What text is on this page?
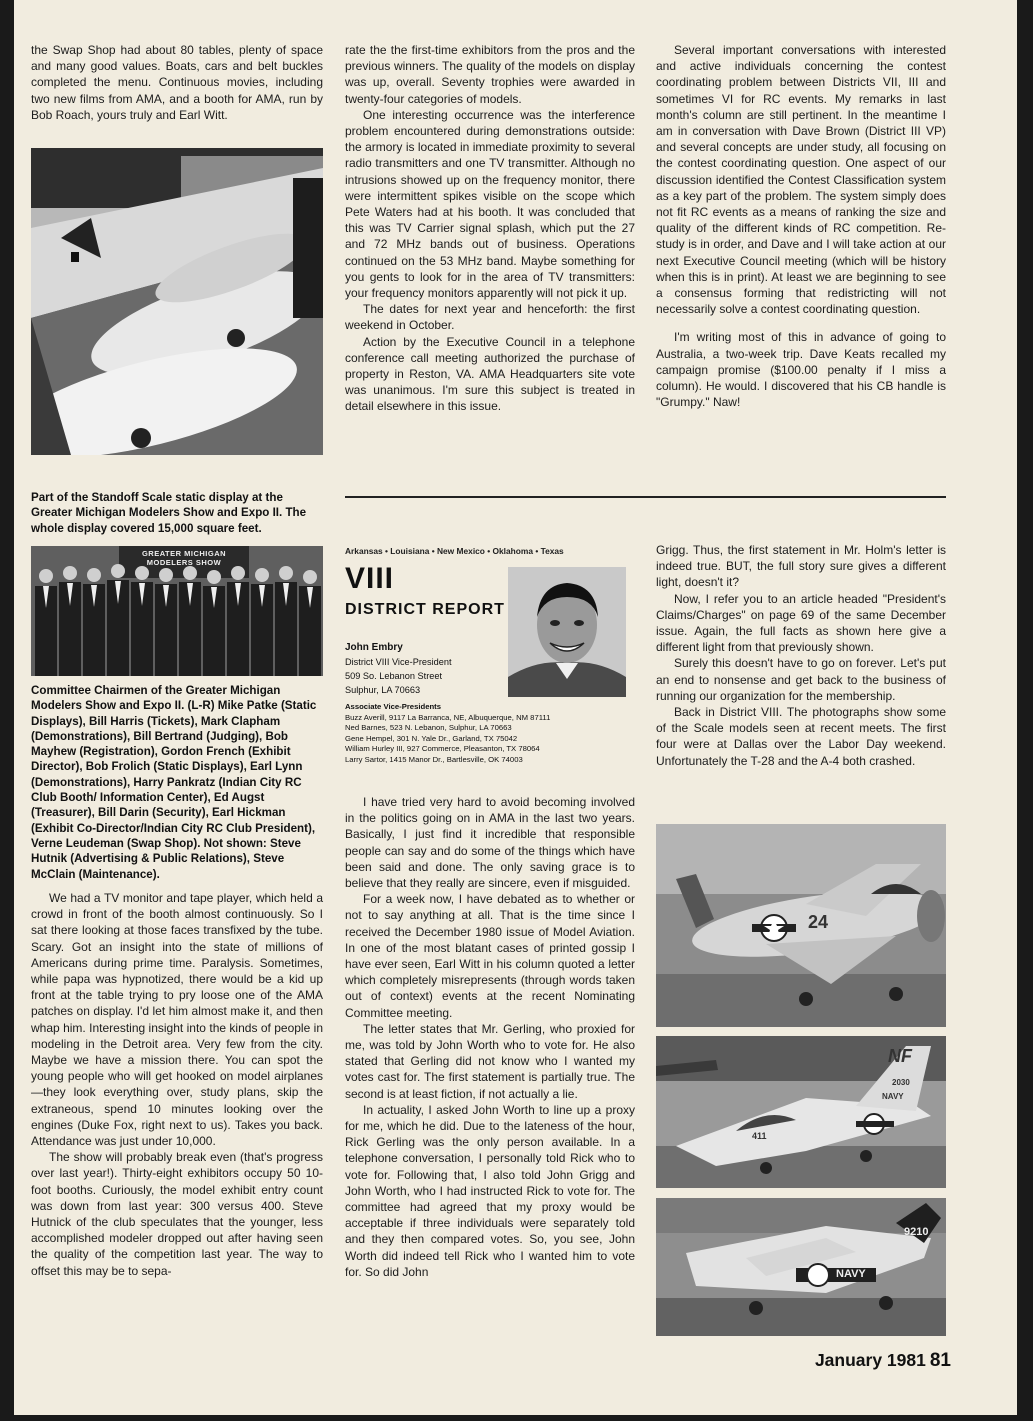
the Swap Shop had about 80 tables, plenty of space and many good values. Boats, cars and belt buckles completed the menu. Continuous movies, including two new films from AMA, and a booth for AMA, run by Bob Roach, yours truly and Earl Witt.

Part of the Standoff Scale static display at the Greater Michigan Modelers Show and Expo II. The whole display covered 15,000 square feet.
GREATER MICHIGAN MODELERS SHOW
Committee Chairmen of the Greater Michigan Modelers Show and Expo II. (L-R) Mike Patke (Static Displays), Bill Harris (Tickets), Mark Clapham (Demonstrations), Bill Bertrand (Judging), Bob Mayhew (Registration), Gordon French (Exhibit Director), Bob Frolich (Static Displays), Earl Lynn (Demonstrations), Harry Pankratz (Indian City RC Club Booth/ Information Center), Ed Augst (Treasurer), Bill Darin (Security), Earl Hickman (Exhibit Co-Director/Indian City RC Club President), Verne Leudeman (Swap Shop). Not shown: Steve Hutnik (Advertising & Public Relations), Steve McClain (Maintenance).

We had a TV monitor and tape player, which held a crowd in front of the booth almost continuously. So I sat there looking at those faces transfixed by the tube. Scary. Got an insight into the state of millions of Americans during prime time. Paralysis. Sometimes, while papa was hypnotized, there would be a kid up front at the table trying to pry loose one of the AMA patches on display. I'd let him almost make it, and then whap him. Interesting insight into the kinds of people in modeling in the Detroit area. Very few from the city. Maybe we have a mission there. You can spot the young people who will get hooked on model airplanes—they look everything over, study plans, skip the extraneous, spend 10 minutes looking over the engines (Duke Fox, right next to us). Takes you back. Attendance was just under 10,000.

The show will probably break even (that's progress over last year!). Thirty-eight exhibitors occupy 50 10-foot booths. Curiously, the model exhibit entry count was down from last year: 300 versus 400. Steve Hutnick of the club speculates that the younger, less accomplished modeler dropped out after having seen the quality of the competition last year. The way to offset this may be to sepa-

rate the the first-time exhibitors from the pros and the previous winners. The quality of the models on display was up, overall. Seventy trophies were awarded in twenty-four categories of models.

One interesting occurrence was the interference problem encountered during demonstrations outside: the armory is located in immediate proximity to several radio transmitters and one TV transmitter. Although no intrusions showed up on the frequency monitor, there were intermittent spikes visible on the scope which Pete Waters had at his booth. It was concluded that this was TV Carrier signal splash, which put the 27 and 72 MHz bands out of business. Operations continued on the 53 MHz band. Maybe something for you gents to look for in the area of TV transmitters: your frequency monitors apparently will not pick it up.

The dates for next year and henceforth: the first weekend in October.

Action by the Executive Council in a telephone conference call meeting authorized the purchase of property in Reston, VA. AMA Headquarters site vote was unanimous. I'm sure this subject is treated in detail elsewhere in this issue.

Several important conversations with interested and active individuals concerning the contest coordinating problem between Districts VII, III and sometimes VI for RC events. My remarks in last month's column are still pertinent. In the meantime I am in conversation with Dave Brown (District III VP) and several concepts are under study, all focusing on the contest coordinating question. One aspect of our discussion identified the Contest Classification system as a key part of the problem. The system simply does not fit RC events as a means of ranking the size and quality of the different kinds of RC competition. Re-study is in order, and Dave and I will take action at our next Executive Council meeting (which will be history when this is in print). At least we are beginning to see a consensus forming that redistricting will not necessarily solve a contest coordinating question.

I'm writing most of this in advance of going to Australia, a two-week trip. Dave Keats recalled my campaign promise ($100.00 penalty if I miss a column). He would. I discovered that his CB handle is "Grumpy." Naw!

Arkansas • Louisiana • New Mexico • Oklahoma • Texas
VIII
DISTRICT REPORT
John Embry
District VIII Vice-President
509 So. Lebanon Street
Sulphur, LA 70663
Associate Vice-Presidents
Buzz Averill, 9117 La Barranca, NE, Albuquerque, NM 87111
Ned Barnes, 523 N. Lebanon, Sulphur, LA 70663
Gene Hempel, 301 N. Yale Dr., Garland, TX 75042
William Hurley III, 927 Commerce, Pleasanton, TX 78064
Larry Sartor, 1415 Manor Dr., Bartlesville, OK 74003

I have tried very hard to avoid becoming involved in the politics going on in AMA in the last two years. Basically, I just find it incredible that responsible people can say and do some of the things which have been said and done. The only saving grace is to believe that they really are sincere, even if misguided.

For a week now, I have debated as to whether or not to say anything at all. That is the time since I received the December 1980 issue of Model Aviation. In one of the most blatant cases of printed gossip I have ever seen, Earl Witt in his column quoted a letter which completely misrepresents (through words taken out of context) events at the recent Nominating Committee meeting.

The letter states that Mr. Gerling, who proxied for me, was told by John Worth who to vote for. He also stated that Gerling did not know who I wanted my votes cast for. The first statement is partially true. The second is at least fiction, if not actually a lie.

In actuality, I asked John Worth to line up a proxy for me, which he did. Due to the lateness of the hour, Rick Gerling was the only person available. In a telephone conversation, I personally told Rick who to vote for. Following that, I also told John Grigg and John Worth, who I had instructed Rick to vote for. The committee had agreed that my proxy would be acceptable if three individuals were separately told and they then compared votes. So, you see, John Worth did indeed tell Rick who I wanted him to vote for. So did John

Grigg. Thus, the first statement in Mr. Holm's letter is indeed true. BUT, the full story sure gives a different light, doesn't it?

Now, I refer you to an article headed "President's Claims/Charges" on page 69 of the same December issue. Again, the full facts as shown here give a different light from that previously shown.

Surely this doesn't have to go on forever. Let's put an end to nonsense and get back to the business of running our organization for the membership.

Back in District VIII. The photographs show some of the Scale models seen at recent meets. The first four were at Dallas over the Labor Day weekend. Unfortunately the T-28 and the A-4 both crashed.

24
NF
2030
NAVY
411
9210
NAVY
January 1981 81
